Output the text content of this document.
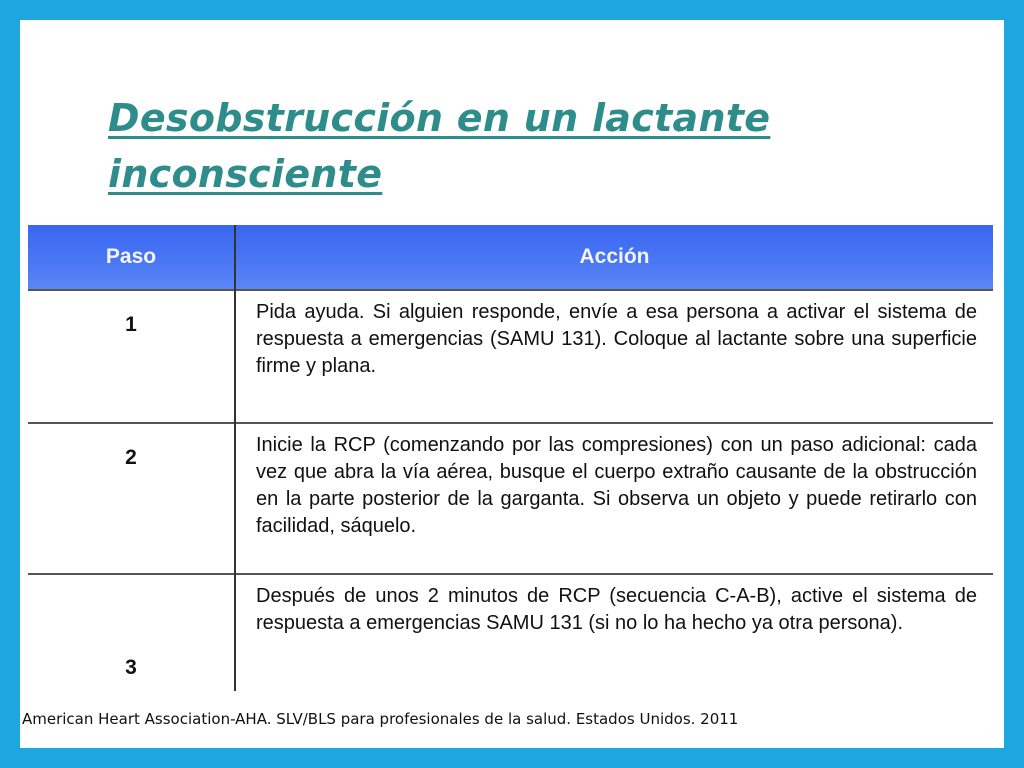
Desobstrucción en un lactante inconsciente
Paso	Acción
1	Pida ayuda. Si alguien responde, envíe a esa persona a activar el sistema de respuesta a emergencias (SAMU 131). Coloque al lactante sobre una superficie firme y plana.
2	Inicie la RCP (comenzando por las compresiones) con un paso adicional: cada vez que abra la vía aérea, busque el cuerpo extraño causante de la obstrucción en la parte posterior de la garganta. Si observa un objeto y puede retirarlo con facilidad, sáquelo.
3	Después de unos 2 minutos de RCP (secuencia C-A-B), active el sistema de respuesta a emergencias SAMU 131 (si no lo ha hecho ya otra persona).

American Heart Association-AHA. SLV/BLS para profesionales de la salud. Estados Unidos. 2011
